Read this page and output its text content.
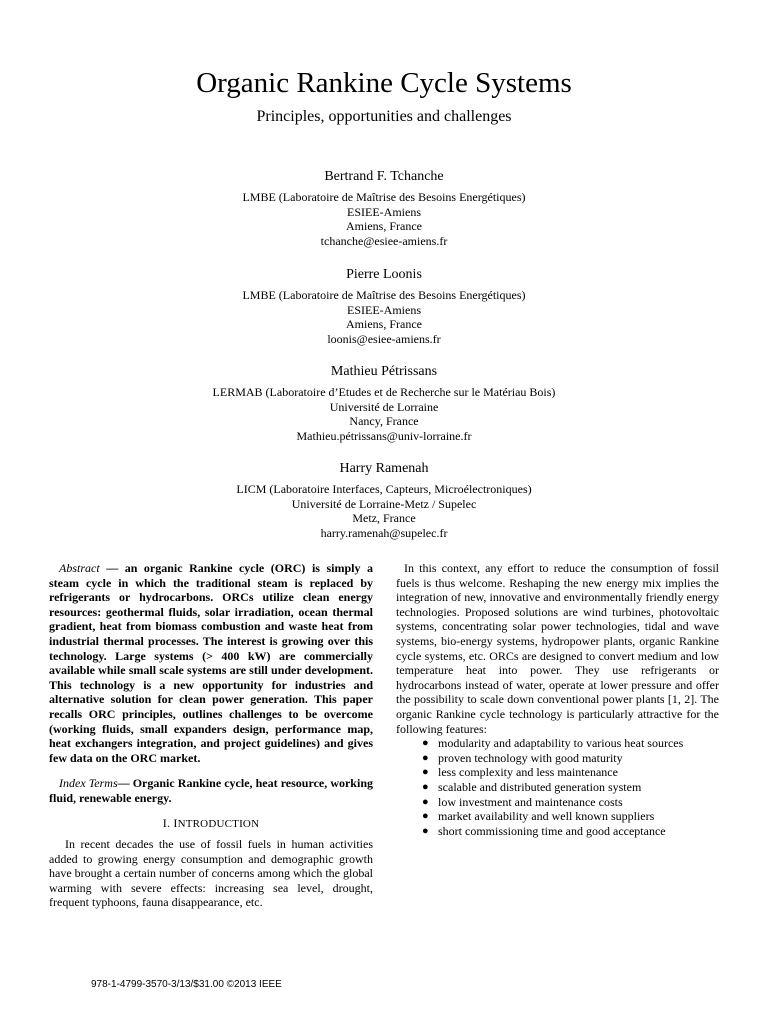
Organic Rankine Cycle Systems
Principles, opportunities and challenges
Bertrand F. Tchanche
LMBE (Laboratoire de Maîtrise des Besoins Energétiques)
ESIEE-Amiens
Amiens, France
tchanche@esiee-amiens.fr
Pierre Loonis
LMBE (Laboratoire de Maîtrise des Besoins Energétiques)
ESIEE-Amiens
Amiens, France
loonis@esiee-amiens.fr
Mathieu Pétrissans
LERMAB (Laboratoire d’Etudes et de Recherche sur le Matériau Bois)
Université de Lorraine
Nancy, France
Mathieu.pétrissans@univ-lorraine.fr
Harry Ramenah
LICM (Laboratoire Interfaces, Capteurs, Microélectroniques)
Université de Lorraine-Metz / Supelec
Metz, France
harry.ramenah@supelec.fr

Abstract — an organic Rankine cycle (ORC) is simply a steam cycle in which the traditional steam is replaced by refrigerants or hydrocarbons. ORCs utilize clean energy resources: geothermal fluids, solar irradiation, ocean thermal gradient, heat from biomass combustion and waste heat from industrial thermal processes. The interest is growing over this technology. Large systems (> 400 kW) are commercially available while small scale systems are still under development. This technology is a new opportunity for industries and alternative solution for clean power generation. This paper recalls ORC principles, outlines challenges to be overcome (working fluids, small expanders design, performance map, heat exchangers integration, and project guidelines) and gives few data on the ORC market.

Index Terms— Organic Rankine cycle, heat resource, working fluid, renewable energy.

I. INTRODUCTION

In recent decades the use of fossil fuels in human activities added to growing energy consumption and demographic growth have brought a certain number of concerns among which the global warming with severe effects: increasing sea level, drought, frequent typhoons, fauna disappearance, etc.

In this context, any effort to reduce the consumption of fossil fuels is thus welcome. Reshaping the new energy mix implies the integration of new, innovative and environmentally friendly energy technologies. Proposed solutions are wind turbines, photovoltaic systems, concentrating solar power technologies, tidal and wave systems, bio-energy systems, hydropower plants, organic Rankine cycle systems, etc. ORCs are designed to convert medium and low temperature heat into power. They use refrigerants or hydrocarbons instead of water, operate at lower pressure and offer the possibility to scale down conventional power plants [1, 2]. The organic Rankine cycle technology is particularly attractive for the following features:

● modularity and adaptability to various heat sources
● proven technology with good maturity
● less complexity and less maintenance
● scalable and distributed generation system
● low investment and maintenance costs
● market availability and well known suppliers
● short commissioning time and good acceptance
978-1-4799-3570-3/13/$31.00 ©2013 IEEE
